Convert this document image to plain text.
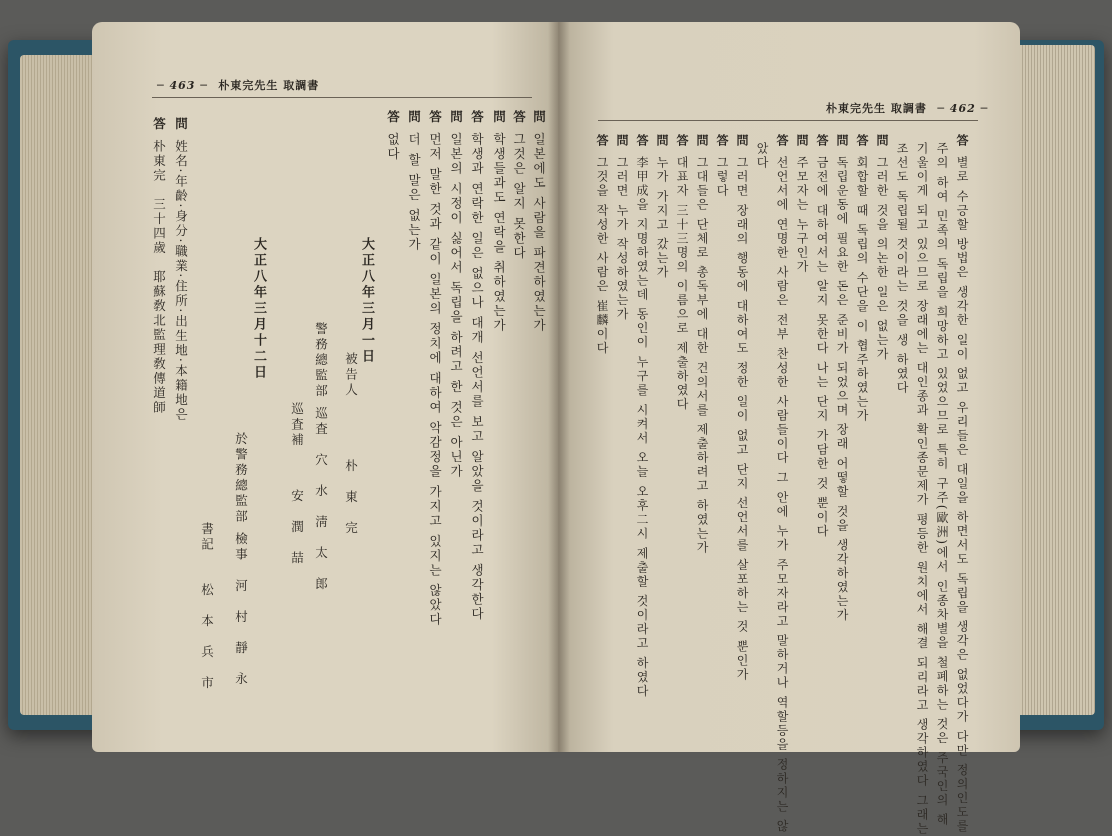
─ 463 ─ 朴東完先生 取調書
問일본에도 사람을 파견하였는가
答그것은 알지 못한다
問학생들과도 연락을 취하였는가
答학생과 연락한 일은 없으나 대개 선언서를 보고 알았을 것이라고 생각한다
問일본의 시정이 싫어서 독립을 하려고 한 것은 아닌가
答먼저 말한 것과 같이 일본의 정치에 대하여 악감정을 가지고 있지는 않았다
問더 할 말은 없는가
答없다
大正八年三月一日
被告人朴　東　完
警務總監部 巡査穴　水　淸　太　郎
巡査補安　潤　喆
大正八年三月十二日
於警務總監部 檢事河　村　靜　永
書記松　本　兵　市
問姓名·年齡·身分·職業·住所·出生地·本籍地은
答朴東完　三十四歲　耶蘇敎北監理敎傳道師
朴東完先生 取調書 ─ 462 ─
答별로 수긍할 방법은 생각한 일이 없고 우리들은 대일을 하면서도 독립을 생각은 없었다가 다만 정의인도를
주의 하여 민족의 독립을 희망하고 있었으므로 특히 구주(歐洲)에서 인종차별을 철폐하는 것은 주국인의 해
기울이게 되고 있으므로 장래에는 대인종과 확인종문제가 평등한 원치에서 해결 되리라고 생각하였다 그래는
조선도 독립될 것이라는 것을 생 하였다
問그러한 것을 의논한 일은 없는가
答회합할 때 독립의 수단을 이 협주하였는가
問독립운동에 필요한 돈은 준비가 되었으며 장래 어떻할 것을 생각하였는가
答금전에 대하여서는 알지 못한다 나는 단지 가담한 것 뿐이다
問주모자는 누구인가
答선언서에 연명한 사람은 전부 찬성한 사람들이다 그 안에 누가 주모자라고 말하거나 역할등을 정하지는 않
았다
問그러면 장래의 행동에 대하여도 정한 일이 없고 단지 선언서를 살포하는 것 뿐인가
答그렇다
問그대들은 단체로 총독부에 대한 건의서를 제출하려고 하였는가
答대표자 三十三명의 이름으로 제출하였다
問누가 가지고 갔는가
答李甲成을 지명하였는데 동인이 누구를 시켜서 오늘 오후二시 제출할 것이라고 하였다
問그러면 누가 작성하였는가
答그것을 작성한 사람은 崔麟이다
